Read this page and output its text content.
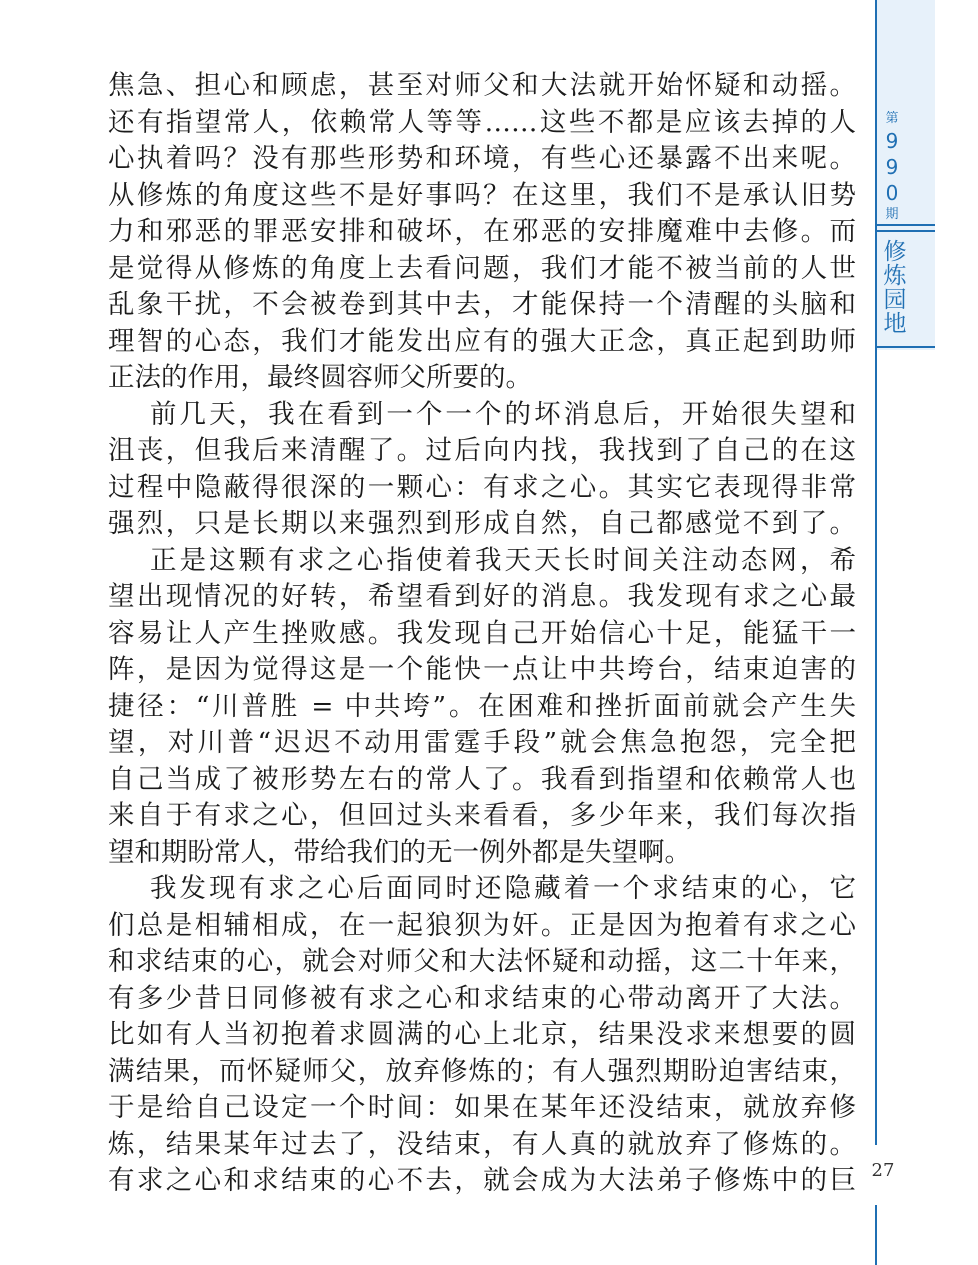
第
9
9
0
期
修
炼
园
地
27
焦急、担心和顾虑，甚至对师父和大法就开始怀疑和动摇。
还有指望常人，依赖常人等等……这些不都是应该去掉的人
心执着吗？没有那些形势和环境，有些心还暴露不出来呢。
从修炼的角度这些不是好事吗？在这里，我们不是承认旧势
力和邪恶的罪恶安排和破坏，在邪恶的安排魔难中去修。而
是觉得从修炼的角度上去看问题，我们才能不被当前的人世
乱象干扰，不会被卷到其中去，才能保持一个清醒的头脑和
理智的心态，我们才能发出应有的强大正念，真正起到助师
正法的作用，最终圆容师父所要的。
前几天，我在看到一个一个的坏消息后，开始很失望和
沮丧，但我后来清醒了。过后向内找，我找到了自己的在这
过程中隐蔽得很深的一颗心：有求之心。其实它表现得非常
强烈，只是长期以来强烈到形成自然，自己都感觉不到了。
正是这颗有求之心指使着我天天长时间关注动态网，希
望出现情况的好转，希望看到好的消息。我发现有求之心最
容易让人产生挫败感。我发现自己开始信心十足，能猛干一
阵，是因为觉得这是一个能快一点让中共垮台，结束迫害的
捷径：“川普胜 = 中共垮”。在困难和挫折面前就会产生失
望，对川普“迟迟不动用雷霆手段”就会焦急抱怨，完全把
自己当成了被形势左右的常人了。我看到指望和依赖常人也
来自于有求之心，但回过头来看看，多少年来，我们每次指
望和期盼常人，带给我们的无一例外都是失望啊。
我发现有求之心后面同时还隐藏着一个求结束的心，它
们总是相辅相成，在一起狼狈为奸。正是因为抱着有求之心
和求结束的心，就会对师父和大法怀疑和动摇，这二十年来，
有多少昔日同修被有求之心和求结束的心带动离开了大法。
比如有人当初抱着求圆满的心上北京，结果没求来想要的圆
满结果，而怀疑师父，放弃修炼的；有人强烈期盼迫害结束，
于是给自己设定一个时间：如果在某年还没结束，就放弃修
炼，结果某年过去了，没结束，有人真的就放弃了修炼的。
有求之心和求结束的心不去，就会成为大法弟子修炼中的巨
